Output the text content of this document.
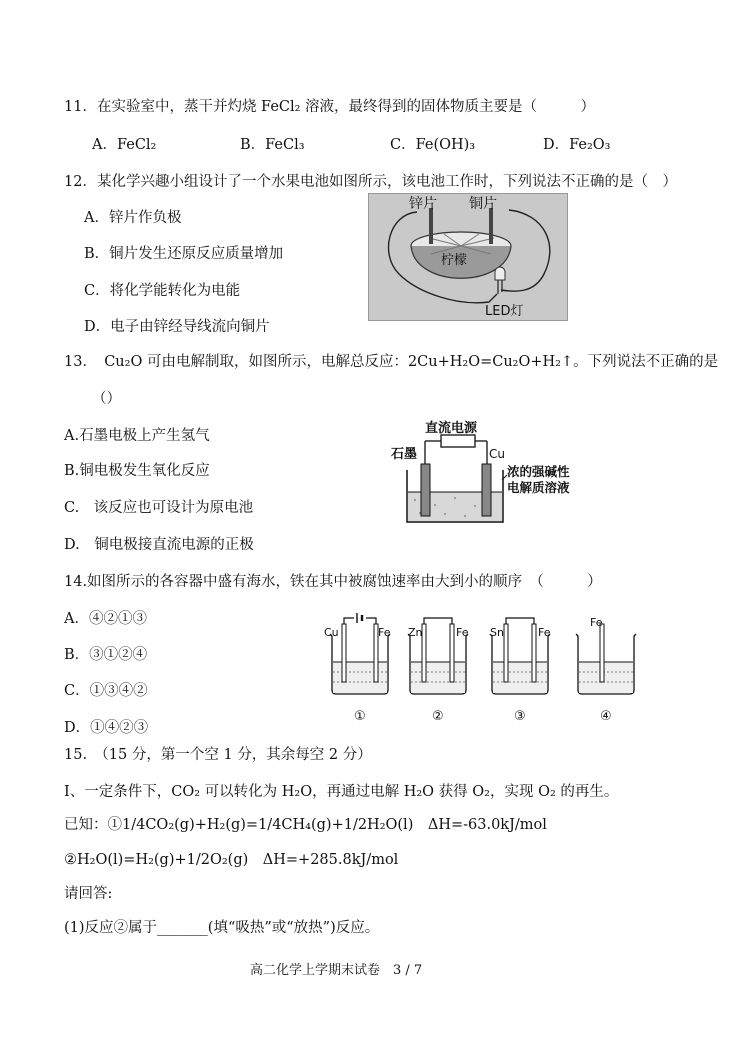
11．在实验室中，蒸干并灼烧 FeCl₂ 溶液，最终得到的固体物质主要是（　　　）
A．FeCl₂	B．FeCl₃	C．Fe(OH)₃	D．Fe₂O₃
12．某化学兴趣小组设计了一个水果电池如图所示，该电池工作时，下列说法不正确的是（　）
A．锌片作负极
B．铜片发生还原反应质量增加
C．将化学能转化为电能
D．电子由锌经导线流向铜片
锌片 铜片
柠檬
LED灯
13．　Cu₂O 可由电解制取，如图所示，电解总反应：2Cu+H₂O=Cu₂O+H₂↑。下列说法不正确的是
（）
A.石墨电极上产生氢气
B.铜电极发生氧化反应
C.　该反应也可设计为原电池
D.　铜电极接直流电源的正极
直流电源
石墨	Cu
浓的强碱性
电解质溶液
14.如图所示的各容器中盛有海水，铁在其中被腐蚀速率由大到小的顺序　（　　　）
A．④②①③
B．③①②④
C．①③④②
D．①④②③
Cu	Fe
①
Zn	Fe
②
Sn	Fe
③
Fe
④
15.　（15 分，第一个空 1 分，其余每空 2 分）
I、一定条件下，CO₂ 可以转化为 H₂O，再通过电解 H₂O 获得 O₂，实现 O₂ 的再生。
已知：①1/4CO₂(g)+H₂(g)=1/4CH₄(g)+1/2H₂O(l)　ΔH=-63.0kJ/mol
②H₂O(l)=H₂(g)+1/2O₂(g)　ΔH=+285.8kJ/mol
请回答:
(1)反应②属于_______(填“吸热”或“放热”)反应。
高二化学上学期末试卷　3 / 7
